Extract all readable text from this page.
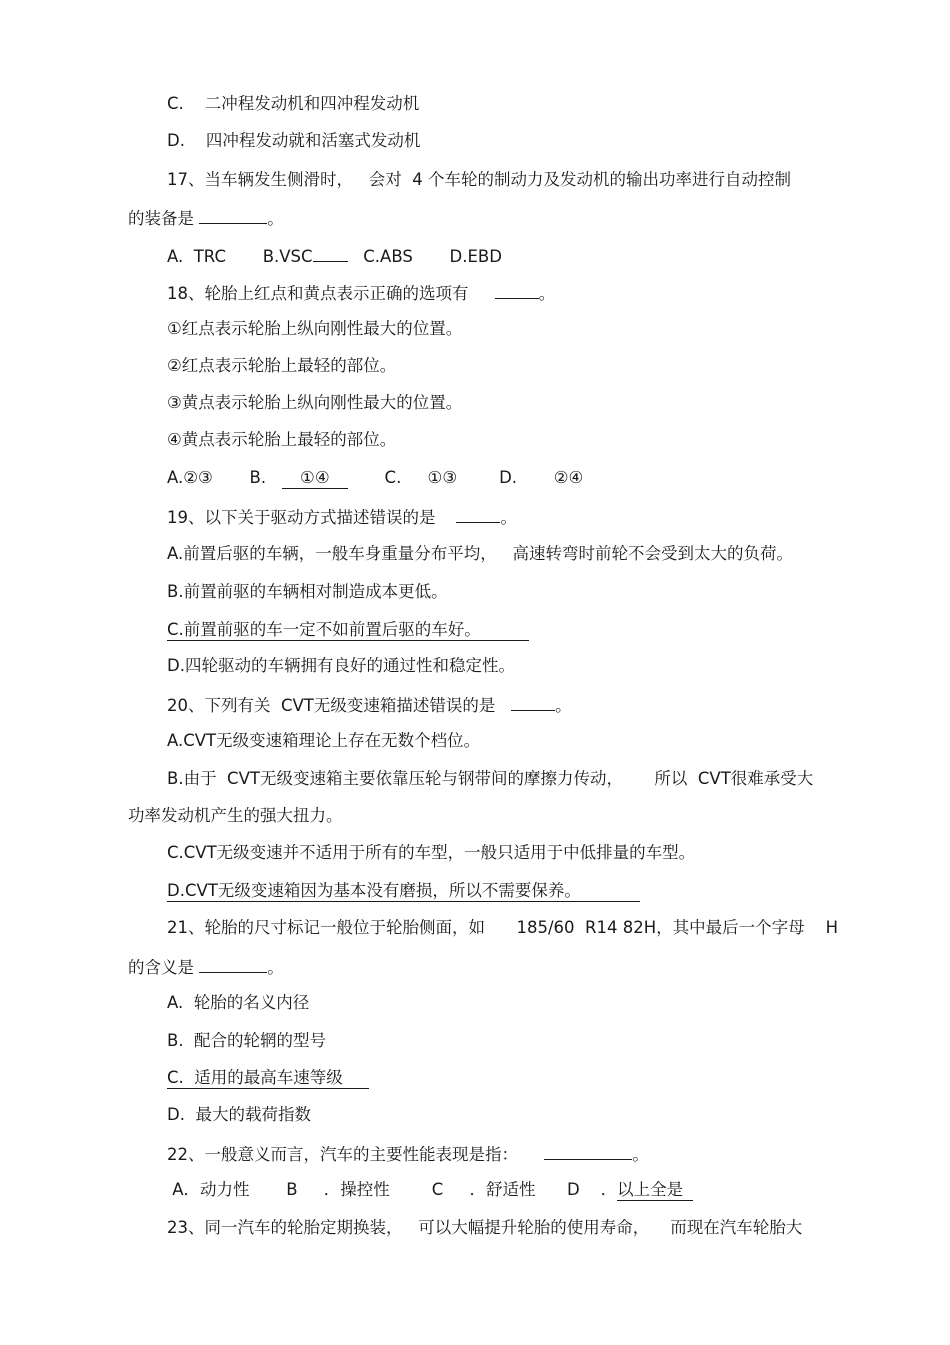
C.    二冲程发动机和四冲程发动机
D.    四冲程发动就和活塞式发动机
17、当车辆发生侧滑时，   会对  4 个车轮的制动力及发动机的输出功率进行自动控制
的装备是	。
A.  TRC       B.VSC   C.ABS       D.EBD
18、轮胎上红点和黄点表示正确的选项有	。
①红点表示轮胎上纵向刚性最大的位置。
②红点表示轮胎上最轻的部位。
③黄点表示轮胎上纵向刚性最大的位置。
④黄点表示轮胎上最轻的部位。
A.②③       B.   ①④       C.     ①③        D.       ②④
19、以下关于驱动方式描述错误的是	。
A.前置后驱的车辆，一般车身重量分布平均，   高速转弯时前轮不会受到太大的负荷。
B.前置前驱的车辆相对制造成本更低。
C.前置前驱的车一定不如前置后驱的车好。
D.四轮驱动的车辆拥有良好的通过性和稳定性。
20、下列有关  CVT无级变速箱描述错误的是	。
A.CVT无级变速箱理论上存在无数个档位。
B.由于  CVT无级变速箱主要依靠压轮与钢带间的摩擦力传动，      所以  CVT很难承受大
功率发动机产生的强大扭力。
C.CVT无级变速并不适用于所有的车型，一般只适用于中低排量的车型。
D.CVT无级变速箱因为基本没有磨损，所以不需要保养。
21、轮胎的尺寸标记一般位于轮胎侧面，如      185/60  R14 82H，其中最后一个字母    H
的含义是	。
A.  轮胎的名义内径
B.  配合的轮辋的型号
C.  适用的最高车速等级
D.  最大的载荷指数
22、一般意义而言，汽车的主要性能表现是指：	。
A．动力性       B     ．操控性        C     ．舒适性      D    ．以上全是
23、同一汽车的轮胎定期换装，   可以大幅提升轮胎的使用寿命，    而现在汽车轮胎大
